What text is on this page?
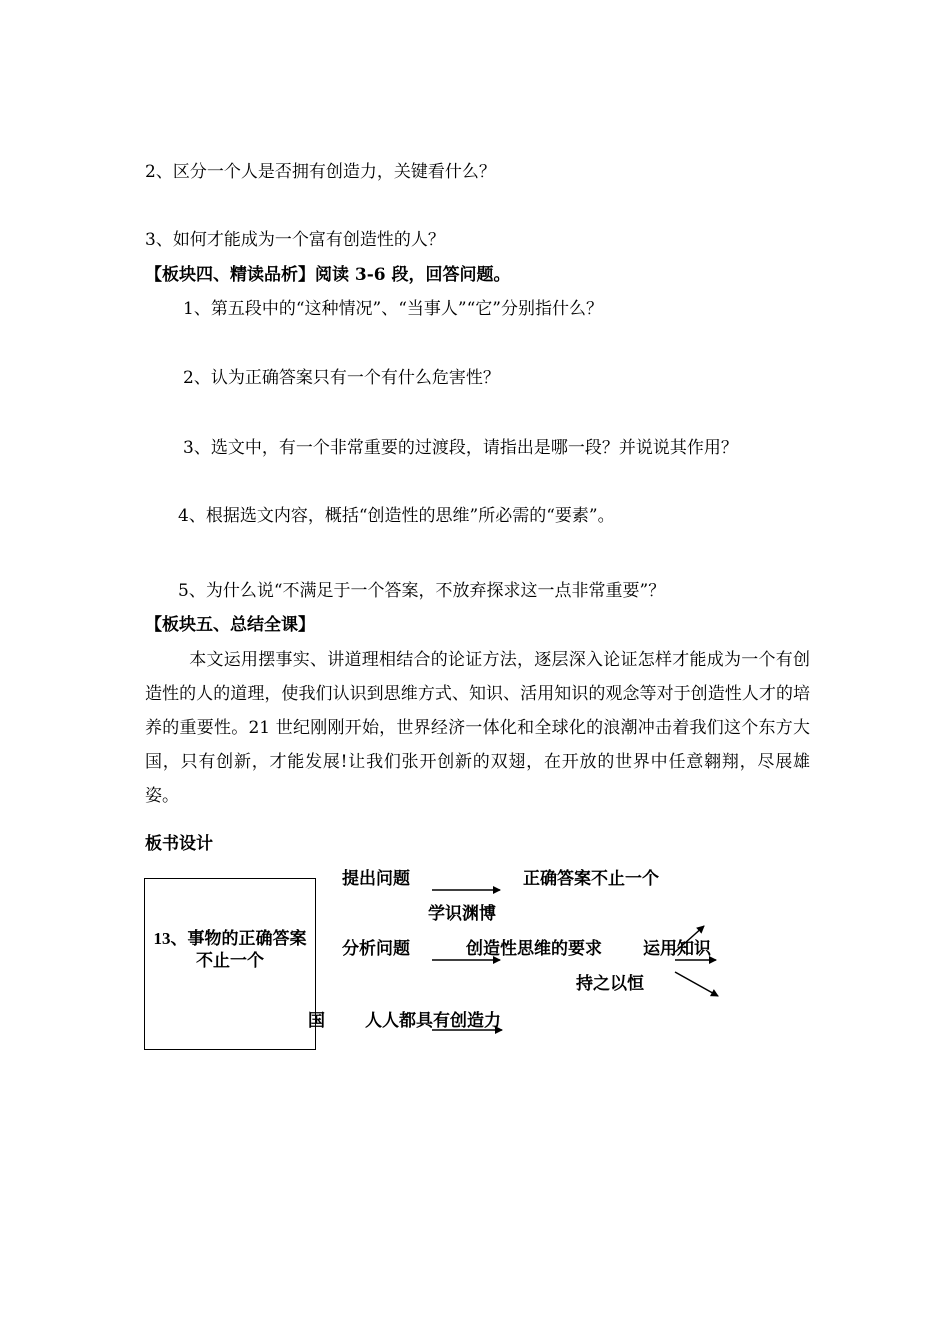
2、区分一个人是否拥有创造力，关键看什么？
3、如何才能成为一个富有创造性的人？
【板块四、精读品析】阅读 3-6 段，回答问题。
1、第五段中的“这种情况”、“当事人”“它”分别指什么？
2、认为正确答案只有一个有什么危害性？
3、选文中，有一个非常重要的过渡段，请指出是哪一段？并说说其作用？
4、根据选文内容，概括“创造性的思维”所必需的“要素”。
5、为什么说“不满足于一个答案，不放弃探求这一点非常重要”？
【板块五、总结全课】
本文运用摆事实、讲道理相结合的论证方法，逐层深入论证怎样才能成为一个有创造性的人的道理，使我们认识到思维方式、知识、活用知识的观念等对于创造性人才的培养的重要性。21 世纪刚刚开始，世界经济一体化和全球化的浪潮冲击着我们这个东方大国，只有创新，才能发展!让我们张开创新的双翅，在开放的世界中任意翱翔，尽展雄姿。
板书设计
13、事物的正确答案不止一个
提出问题	正确答案不止一个
学识渊博
分析问题	创造性思维的要求 运用知识
持之以恒
国 人人都具有创造力
